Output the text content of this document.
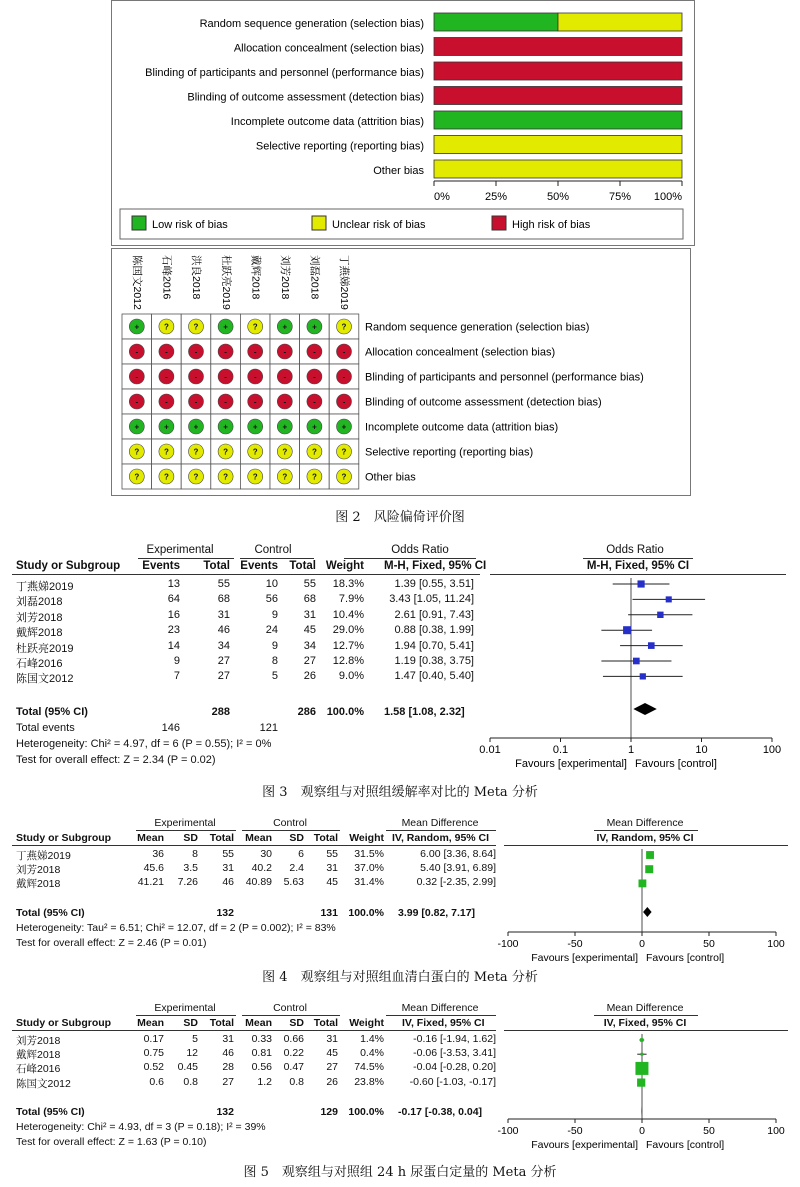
Random sequence generation (selection bias)
Allocation concealment (selection bias)
Blinding of participants and personnel (performance bias)
Blinding of outcome assessment (detection bias)
Incomplete outcome data (attrition bias)
Selective reporting (reporting bias)
Other bias
0%	25%	50%	75% 100%
Low risk of bias	Unclear risk of bias	High risk of bias
陈国文2012 石峰2016 洪良2018 杜跃亮2019 戴辉2018 刘芳2018 刘磊2018 丁燕娣2019
+	?	?	+	?	+	+	? Random sequence generation (selection bias)
-	-	-	-	-	-	-	- Allocation concealment (selection bias)
-	-	-	-	-	-	-	- Blinding of participants and personnel (performance bias)
-	-	-	-	-	-	-	- Blinding of outcome assessment (detection bias)
+	+	+	+	+	+	+	+ Incomplete outcome data (attrition bias)
?	?	?	?	?	?	?	? Selective reporting (reporting bias)
?	?	?	?	?	?	?	? Other bias
图 2　风险偏倚评价图
Experimental	Control	Odds Ratio	Odds Ratio
Study or Subgroup	Events	Total Events Total Weight M-H, Fixed, 95% CI	M-H, Fixed, 95% CI
Total (95% CI)	288	286 100.0% 1.58 [1.08, 2.32]
Total events	146	121
Heterogeneity: Chi² = 4.97, df = 6 (P = 0.55); I² = 0%
Test for overall effect: Z = 2.34 (P = 0.02)
0.01	0.1	1	10	100
Favours [experimental] Favours [control]
丁燕娣2019	13	55	10	55	18.3%	1.39 [0.55, 3.51]
刘磊2018	64	68	56	68	7.9%	3.43 [1.05, 11.24]
刘芳2018	16	31	9	31	10.4%	2.61 [0.91, 7.43]
戴辉2018	23	46	24	45	29.0%	0.88 [0.38, 1.99]
杜跃亮2019	14	34	9	34	12.7%	1.94 [0.70, 5.41]
石峰2016	9	27	8	27	12.8%	1.19 [0.38, 3.75]
陈国文2012	7	27	5	26	9.0%	1.47 [0.40, 5.40]
图 3　观察组与对照组缓解率对比的 Meta 分析
Experimental	Control	Mean Difference	Mean Difference
Study or Subgroup	Mean	SD	Total	Mean	SD Total	Weight IV, Random, 95% CI	IV, Random, 95% CI
Total (95% CI)	132	131 100.0% 3.99 [0.82, 7.17]
Heterogeneity: Tau² = 6.51; Chi² = 12.07, df = 2 (P = 0.002); I² = 83%
Test for overall effect: Z = 2.46 (P = 0.01)	-100	-50	0	50	100
Favours [experimental] Favours [control]
丁燕娣2019	36	8	55	30	6	55	31.5%	6.00 [3.36, 8.64]
刘芳2018	45.6	3.5	31	40.2	2.4	31	37.0%	5.40 [3.91, 6.89]
戴辉2018	41.21	7.26	46	40.89	5.63	45	31.4%	0.32 [-2.35, 2.99]
图 4　观察组与对照组血清白蛋白的 Meta 分析
Experimental	Control	Mean Difference	Mean Difference
Study or Subgroup	Mean	SD	Total	Mean	SD Total	Weight IV, Fixed, 95% CI	IV, Fixed, 95% CI
Total (95% CI)	132	129 100.0% -0.17 [-0.38, 0.04]
Heterogeneity: Chi² = 4.93, df = 3 (P = 0.18); I² = 39%
Test for overall effect: Z = 1.63 (P = 0.10)
-100	-50	0	50	100
Favours [experimental] Favours [control]
刘芳2018	0.17	5	31	0.33	0.66	31	1.4%	-0.16 [-1.94, 1.62]
戴辉2018	0.75	12	46	0.81	0.22	45	0.4%	-0.06 [-3.53, 3.41]
石峰2016	0.52	0.45	28	0.56	0.47	27	74.5%	-0.04 [-0.28, 0.20]
陈国文2012	0.6	0.8	27	1.2	0.8	26	23.8%	-0.60 [-1.03, -0.17]
图 5　观察组与对照组 24 h 尿蛋白定量的 Meta 分析
